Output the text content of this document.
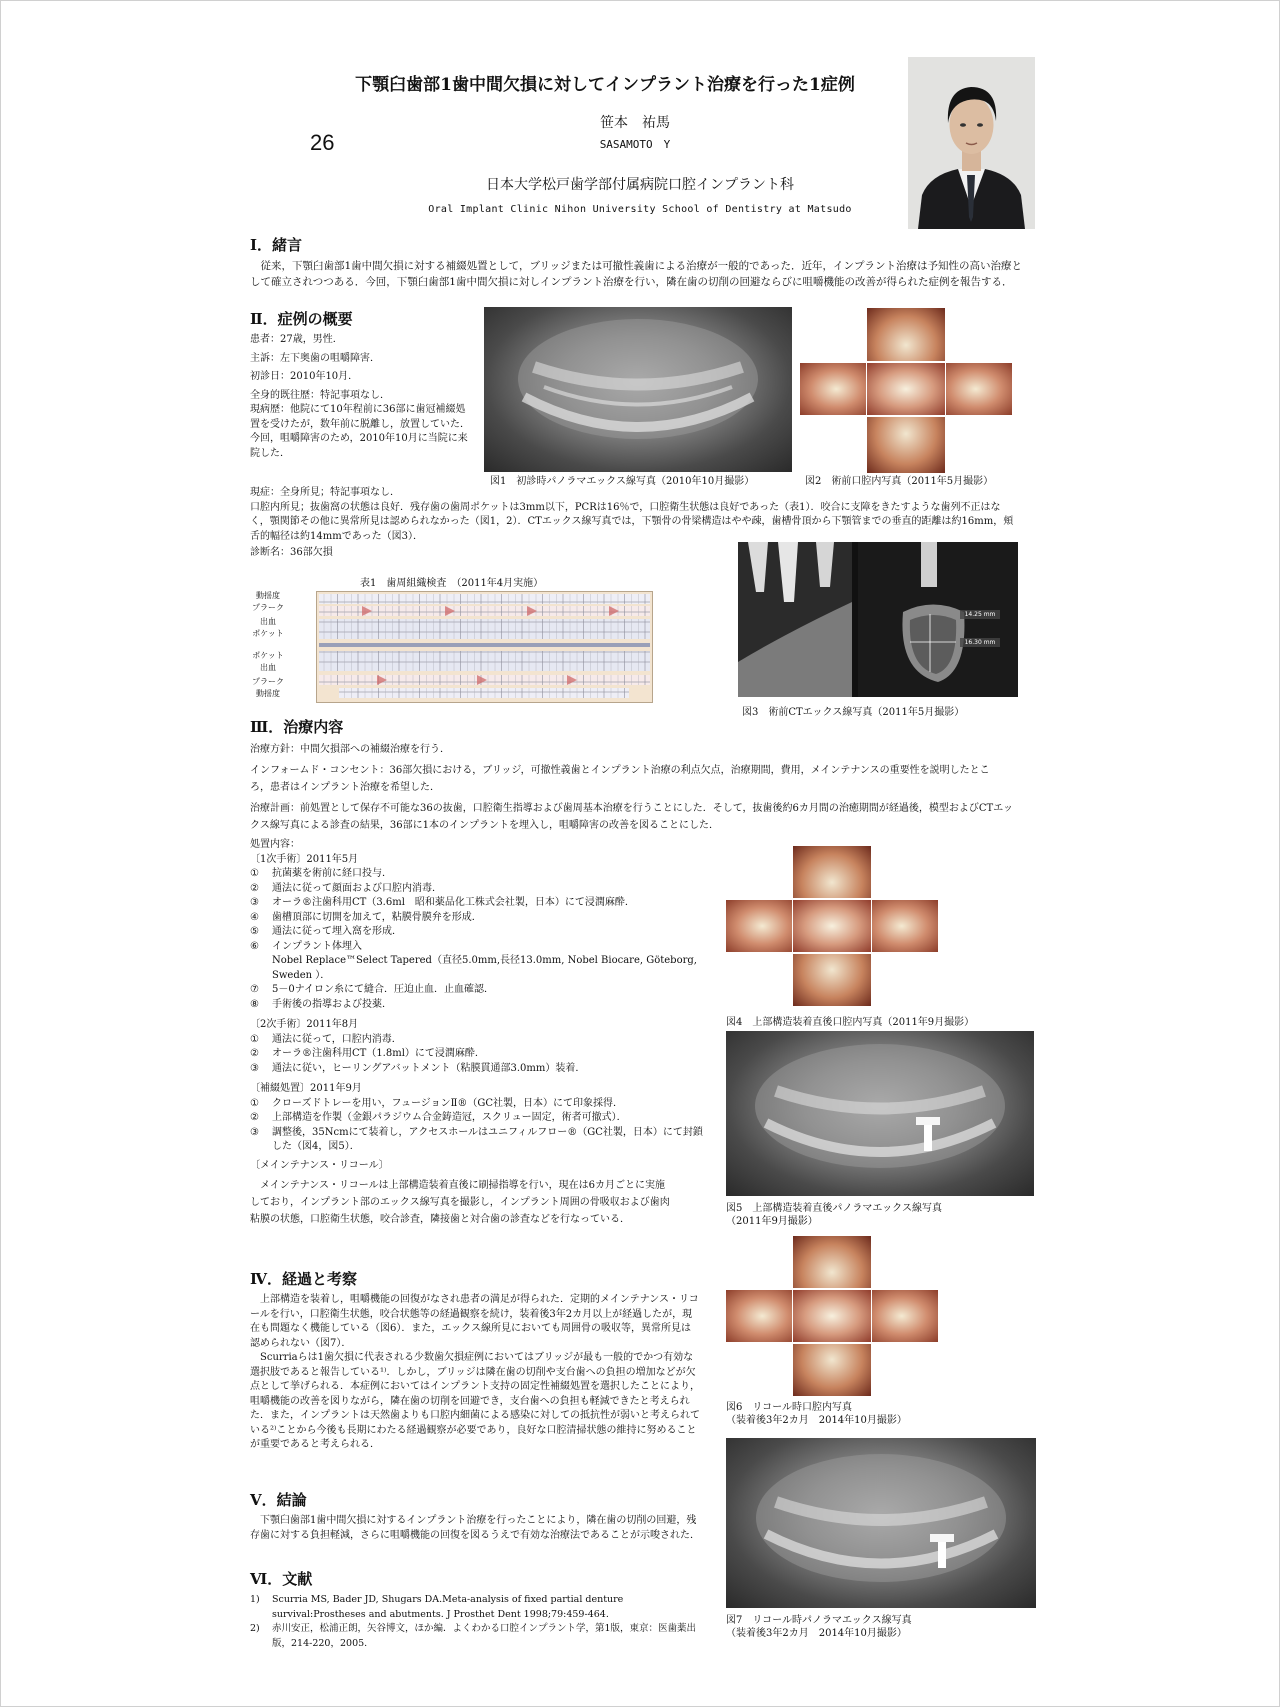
下顎臼歯部1歯中間欠損に対してインプラント治療を行った1症例
笹本　祐馬
SASAMOTO　Y
26
日本大学松戸歯学部付属病院口腔インプラント科
Oral Implant Clinic Nihon University School of Dentistry at Matsudo
Ⅰ．緒言
　従来，下顎臼歯部1歯中間欠損に対する補綴処置として，ブリッジまたは可撤性義歯による治療が一般的であった．近年，インプラント治療は予知性の高い治療として確立されつつある．今回，下顎臼歯部1歯中間欠損に対しインプラント治療を行い，隣在歯の切削の回避ならびに咀嚼機能の改善が得られた症例を報告する．
Ⅱ．症例の概要
患者：27歳，男性．
主訴：左下奥歯の咀嚼障害．
初診日：2010年10月．
全身的既往歴：特記事項なし．
現病歴：他院にて10年程前に36部に歯冠補綴処置を受けたが，数年前に脱離し，放置していた．今回，咀嚼障害のため，2010年10月に当院に来院した．
図1　初診時パノラマエックス線写真（2010年10月撮影）	図2　術前口腔内写真（2011年5月撮影）
現症：全身所見；特記事項なし．
口腔内所見；抜歯窩の状態は良好．残存歯の歯周ポケットは3mm以下，PCRは16％で，口腔衛生状態は良好であった（表1）．咬合に支障をきたすような歯列不正はなく，顎関節その他に異常所見は認められなかった（図1，2）．CTエックス線写真では，下顎骨の骨梁構造はやや疎，歯槽骨頂から下顎管までの垂直的距離は約16mm，頬舌的幅径は約14mmであった（図3）．
診断名：36部欠損
表1　歯周組織検査　（2011年4月実施）
動揺度
プラーク
出血
ポケット
ポケット
出血
プラーク
動揺度
14.25 mm
16.30 mm
図3　術前CTエックス線写真（2011年5月撮影）
Ⅲ．治療内容
治療方針：中間欠損部への補綴治療を行う．
インフォームド・コンセント：36部欠損における，ブリッジ，可撤性義歯とインプラント治療の利点欠点，治療期間，費用，メインテナンスの重要性を説明したところ，患者はインプラント治療を希望した．
治療計画：前処置として保存不可能な36の抜歯，口腔衛生指導および歯周基本治療を行うことにした．そして，抜歯後約6カ月間の治癒期間が経過後，模型およびCTエックス線写真による診査の結果，36部に1本のインプラントを埋入し，咀嚼障害の改善を図ることにした．
処置内容：
〔1次手術〕2011年5月
①	抗菌薬を術前に経口投与．
②	通法に従って顔面および口腔内消毒．
③	オーラ®注歯科用CT（3.6ml　昭和薬品化工株式会社製，日本）にて浸潤麻酔．
④	歯槽頂部に切開を加えて，粘膜骨膜弁を形成．
⑤	通法に従って埋入窩を形成．
⑥	インプラント体埋入
Nobel Replace™Select Tapered（直径5.0mm,長径13.0mm, Nobel Biocare, Göteborg, Sweden ）．
⑦	5－0ナイロン糸にて縫合．圧迫止血．止血確認．
⑧	手術後の指導および投薬．
〔2次手術〕2011年8月
①	通法に従って，口腔内消毒．
②	オーラ®注歯科用CT（1.8ml）にて浸潤麻酔．
③	通法に従い，ヒーリングアバットメント（粘膜貫通部3.0mm）装着．
〔補綴処置〕2011年9月
①	クローズドトレーを用い，フュージョンⅡ®（GC社製，日本）にて印象採得．
②	上部構造を作製（金銀パラジウム合金鋳造冠，スクリュー固定，術者可撤式）．
③	調整後，35Ncmにて装着し，アクセスホールはユニフィルフロー®（GC社製，日本）にて封鎖した（図4，図5）．
〔メインテナンス・リコール〕
　メインテナンス・リコールは上部構造装着直後に刷掃指導を行い，現在は6カ月ごとに実施しており，インプラント部のエックス線写真を撮影し，インプラント周囲の骨吸収および歯肉粘膜の状態，口腔衛生状態，咬合診査，隣接歯と対合歯の診査などを行なっている．
図4　上部構造装着直後口腔内写真（2011年9月撮影）
図5　上部構造装着直後パノラマエックス線写真
（2011年9月撮影）
Ⅳ．経過と考察
　上部構造を装着し，咀嚼機能の回復がなされ患者の満足が得られた．定期的メインテナンス・リコールを行い，口腔衛生状態，咬合状態等の経過観察を続け，装着後3年2カ月以上が経過したが，現在も問題なく機能している（図6）．また，エックス線所見においても周囲骨の吸収等，異常所見は認められない（図7）．
　Scurriaらは1歯欠損に代表される少数歯欠損症例においてはブリッジが最も一般的でかつ有効な選択肢であると報告している¹⁾．しかし，ブリッジは隣在歯の切削や支台歯への負担の増加などが欠点として挙げられる．本症例においてはインプラント支持の固定性補綴処置を選択したことにより，咀嚼機能の改善を図りながら，隣在歯の切削を回避でき，支台歯への負担も軽減できたと考えられた．また，インプラントは天然歯よりも口腔内細菌による感染に対しての抵抗性が弱いと考えられている²⁾ことから今後も長期にわたる経過観察が必要であり，良好な口腔清掃状態の維持に努めることが重要であると考えられる．
図6　リコール時口腔内写真
（装着後3年2カ月　2014年10月撮影）
図7　リコール時パノラマエックス線写真
（装着後3年2カ月　2014年10月撮影）
Ⅴ．結論
　下顎臼歯部1歯中間欠損に対するインプラント治療を行ったことにより，隣在歯の切削の回避，残存歯に対する負担軽減，さらに咀嚼機能の回復を図るうえで有効な治療法であることが示唆された．
Ⅵ．文献
1)	Scurria MS, Bader JD, Shugars DA.Meta-analysis of fixed partial denture survival:Prostheses and abutments. J Prosthet Dent 1998;79:459-464.
2)	赤川安正，松浦正朗，矢谷博文，ほか編．よくわかる口腔インプラント学，第1版，東京：医歯薬出版，214-220，2005.
